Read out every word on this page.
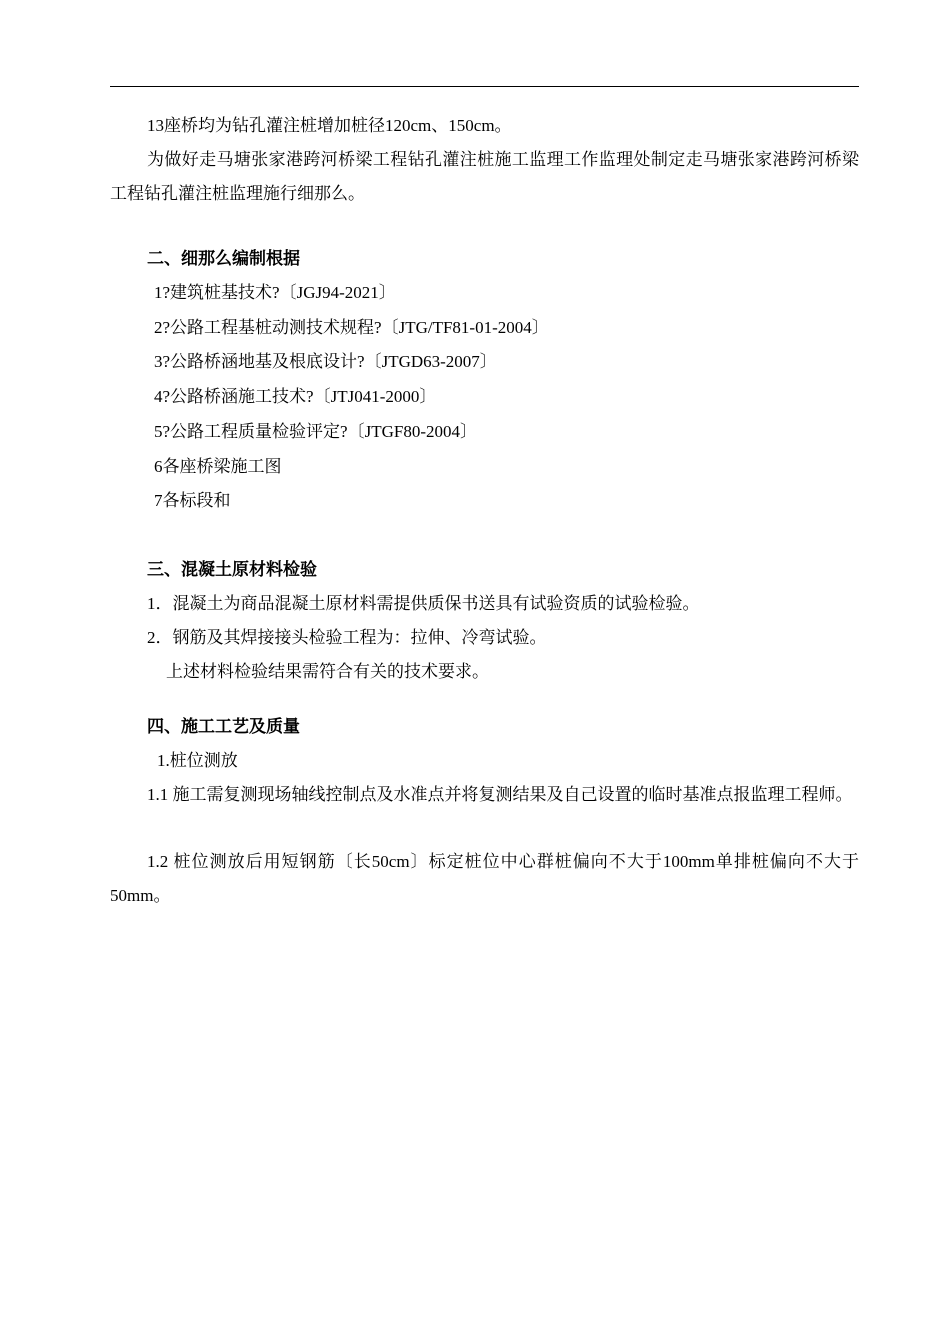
13座桥均为钻孔灌注桩增加桩径120cm、150cm。
为做好走马塘张家港跨河桥梁工程钻孔灌注桩施工监理工作监理处制定走马塘张家港跨河桥梁工程钻孔灌注桩监理施行细那么。
二、细那么编制根据
1?建筑桩基技术?〔JGJ94-2021〕
2?公路工程基桩动测技术规程?〔JTG/TF81-01-2004〕
3?公路桥涵地基及根底设计?〔JTGD63-2007〕
4?公路桥涵施工技术?〔JTJ041-2000〕
5?公路工程质量检验评定?〔JTGF80-2004〕
6各座桥梁施工图
7各标段和
三、混凝土原材料检验
1．混凝土为商品混凝土原材料需提供质保书送具有试验资质的试验检验。
2．钢筋及其焊接接头检验工程为：拉伸、冷弯试验。
上述材料检验结果需符合有关的技术要求。
四、施工工艺及质量
1.桩位测放
1.1 施工需复测现场轴线控制点及水准点并将复测结果及自己设置的临时基准点报监理工程师。
1.2 桩位测放后用短钢筋〔长50cm〕标定桩位中心群桩偏向不大于100mm单排桩偏向不大于50mm。
